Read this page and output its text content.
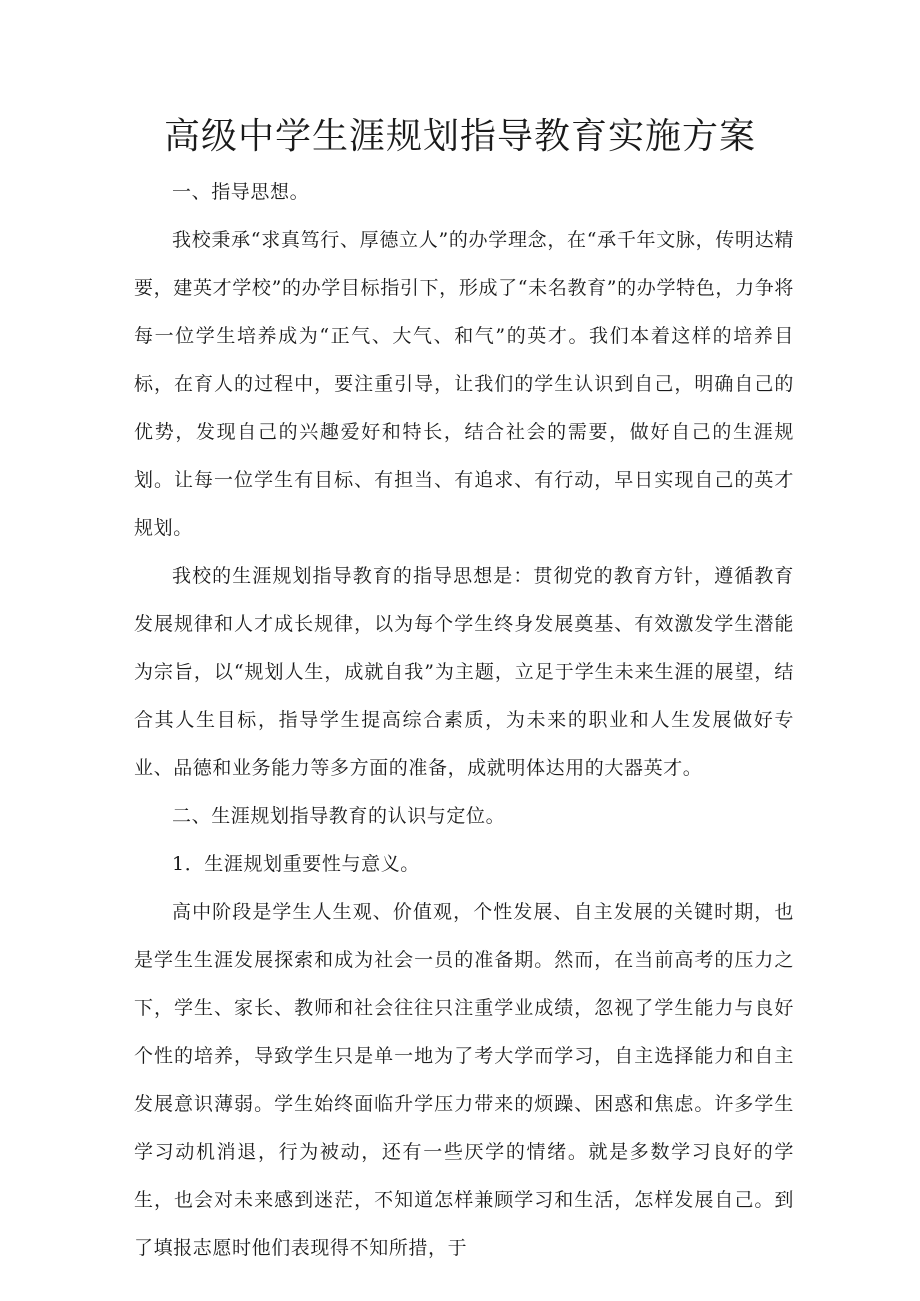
高级中学生涯规划指导教育实施方案

一、指导思想。

我校秉承“求真笃行、厚德立人”的办学理念，在“承千年文脉，传明达精要，建英才学校”的办学目标指引下，形成了“未名教育”的办学特色，力争将每一位学生培养成为“正气、大气、和气”的英才。我们本着这样的培养目标，在育人的过程中，要注重引导，让我们的学生认识到自己，明确自己的优势，发现自己的兴趣爱好和特长，结合社会的需要，做好自己的生涯规划。让每一位学生有目标、有担当、有追求、有行动，早日实现自己的英才规划。

我校的生涯规划指导教育的指导思想是：贯彻党的教育方针，遵循教育发展规律和人才成长规律，以为每个学生终身发展奠基、有效激发学生潜能为宗旨，以“规划人生，成就自我”为主题，立足于学生未来生涯的展望，结合其人生目标，指导学生提高综合素质，为未来的职业和人生发展做好专业、品德和业务能力等多方面的准备，成就明体达用的大器英才。

二、生涯规划指导教育的认识与定位。

1．生涯规划重要性与意义。

高中阶段是学生人生观、价值观，个性发展、自主发展的关键时期，也是学生生涯发展探索和成为社会一员的准备期。然而，在当前高考的压力之下，学生、家长、教师和社会往往只注重学业成绩，忽视了学生能力与良好个性的培养，导致学生只是单一地为了考大学而学习，自主选择能力和自主发展意识薄弱。学生始终面临升学压力带来的烦躁、困惑和焦虑。许多学生学习动机消退，行为被动，还有一些厌学的情绪。就是多数学习良好的学生，也会对未来感到迷茫，不知道怎样兼顾学习和生活，怎样发展自己。到了填报志愿时他们表现得不知所措，于
